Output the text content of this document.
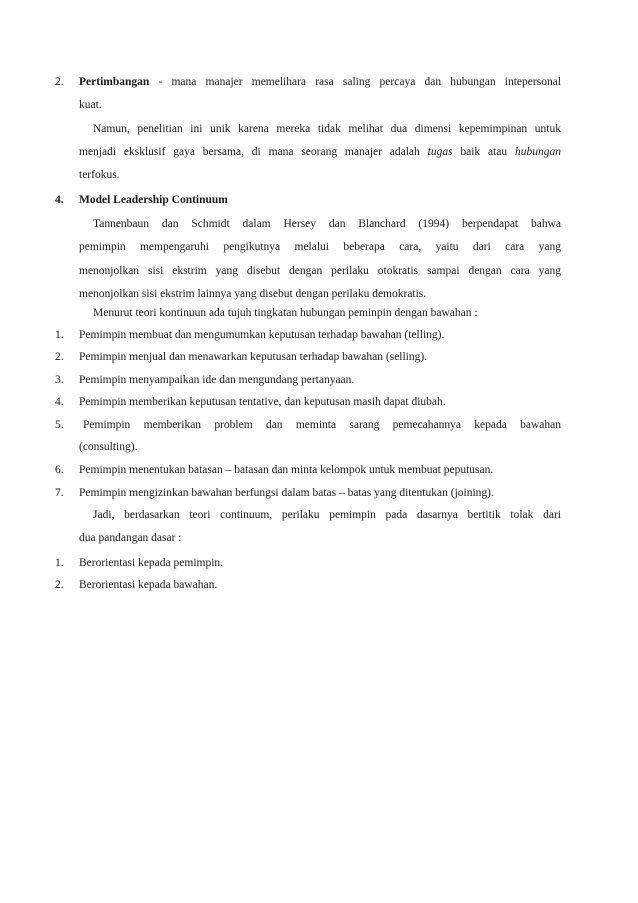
2. Pertimbangan - mana manajer memelihara rasa saling percaya dan hubungan intepersonal
kuat.
Namun, penelitian ini unik karena mereka tidak melihat dua dimensi kepemimpinan untuk
menjadi eksklusif gaya bersama, di mana seorang manajer adalah tugas baik atau hubungan
terfokus.
4. Model Leadership Continuum
Tannenbaun dan Schmidt dalam Hersey dan Blanchard (1994) berpendapat bahwa
pemimpin mempengaruhi pengikutnya melalui beberapa cara, yaitu dari cara yang
menonjolkan sisi ekstrim yang disebut dengan perilaku otokratis sampai dengan cara yang
menonjolkan sisi ekstrim lainnya yang disebut dengan perilaku demokratis.
Menurut teori kontinuun ada tujuh tingkatan hubungan peminpin dengan bawahan :
1. Pemimpin membuat dan mengumumkan keputusan terhadap bawahan (telling).
2. Pemimpin menjual dan menawarkan keputusan terhadap bawahan (selling).
3. Pemimpin menyampaikan ide dan mengundang pertanyaan.
4. Pemimpin memberikan keputusan tentative, dan keputusan masih dapat diubah.
5. Pemimpin memberikan problem dan meminta sarang pemecahannya kepada bawahan
(consulting).
6. Pemimpin menentukan batasan – batasan dan minta kelompok untuk membuat peputusan.
7. Pemimpin mengizinkan bawahan berfungsi dalam batas – batas yang ditentukan (joining).
Jadi, berdasarkan teori continuum, perilaku pemimpin pada dasarnya bertitik tolak dari
dua pandangan dasar :
1. Berorientasi kepada pemimpin.
2. Berorientasi kepada bawahan.
